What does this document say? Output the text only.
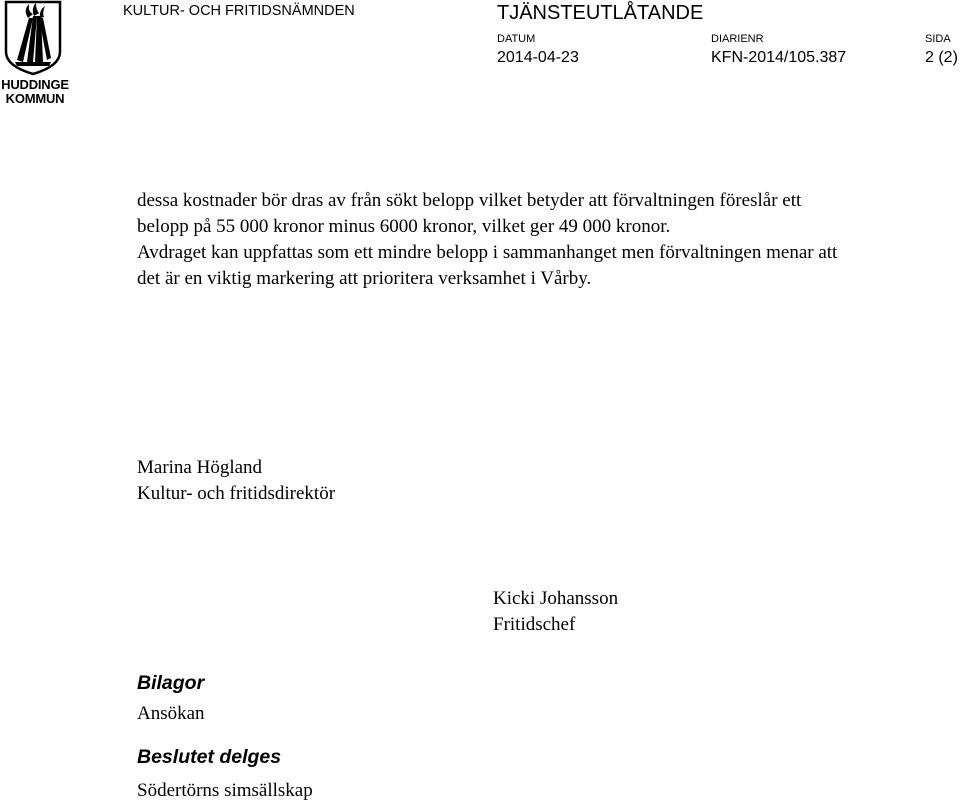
HUDDINGE
KOMMUN
KULTUR- OCH FRITIDSNÄMNDEN	TJÄNSTEUTLÅTANDE
DATUM	DIARIENR	SIDA
2014-04-23	KFN-2014/105.387	2 (2)

dessa kostnader bör dras av från sökt belopp vilket betyder att förvaltningen föreslår ett belopp på 55 000 kronor minus 6000 kronor, vilket ger 49 000 kronor.

Avdraget kan uppfattas som ett mindre belopp i sammanhanget men förvaltningen menar att det är en viktig markering att prioritera verksamhet i Vårby.

Marina Högland
Kultur- och fritidsdirektör
Kicki Johansson
Fritidschef
Bilagor
Ansökan
Beslutet delges
Södertörns simsällskap
